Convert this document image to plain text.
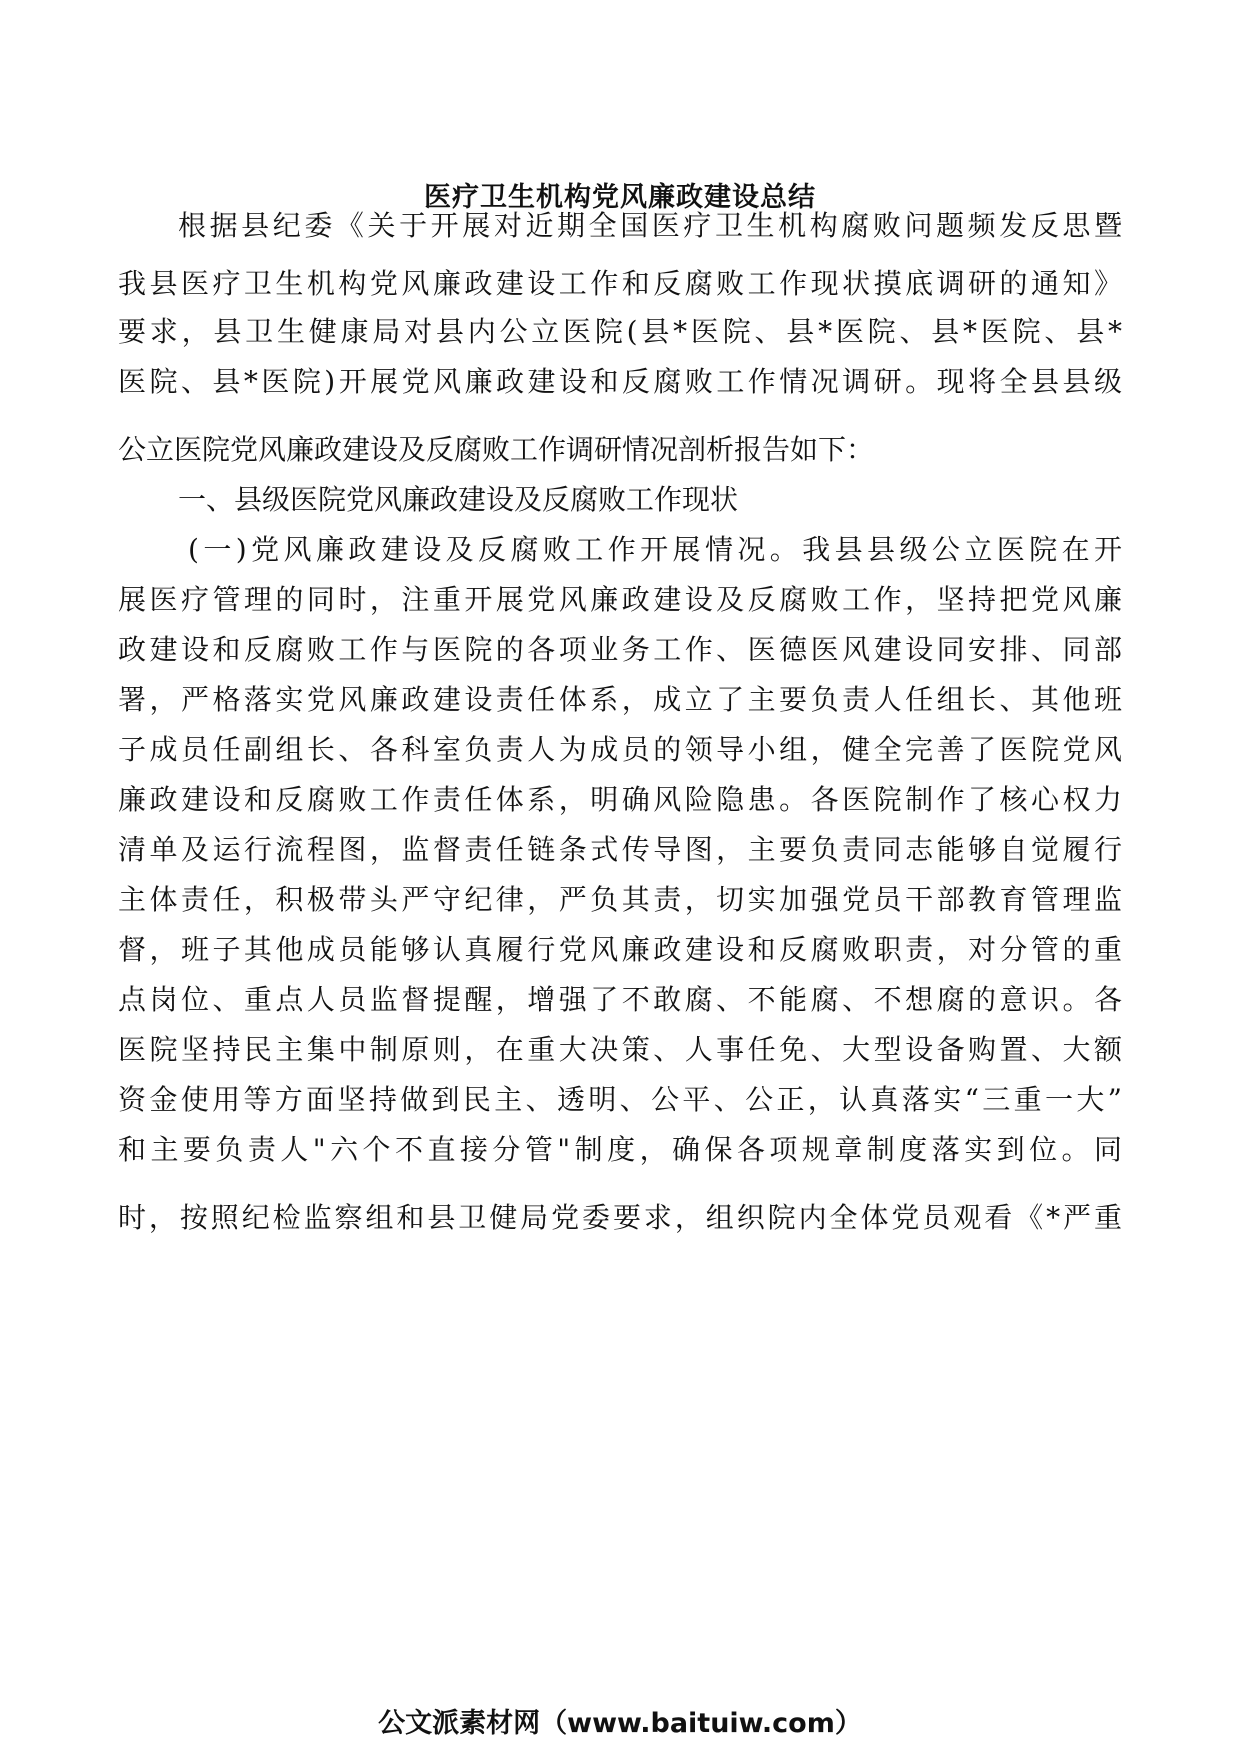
医疗卫生机构党风廉政建设总结
根据县纪委《关于开展对近期全国医疗卫生机构腐败问题频发反思暨
我县医疗卫生机构党风廉政建设工作和反腐败工作现状摸底调研的通知》
要求，县卫生健康局对县内公立医院(县*医院、县*医院、县*医院、县*
医院、县*医院)开展党风廉政建设和反腐败工作情况调研。现将全县县级
公立医院党风廉政建设及反腐败工作调研情况剖析报告如下：
一、县级医院党风廉政建设及反腐败工作现状
(一)党风廉政建设及反腐败工作开展情况。我县县级公立医院在开
展医疗管理的同时，注重开展党风廉政建设及反腐败工作，坚持把党风廉
政建设和反腐败工作与医院的各项业务工作、医德医风建设同安排、同部
署，严格落实党风廉政建设责任体系，成立了主要负责人任组长、其他班
子成员任副组长、各科室负责人为成员的领导小组，健全完善了医院党风
廉政建设和反腐败工作责任体系，明确风险隐患。各医院制作了核心权力
清单及运行流程图，监督责任链条式传导图，主要负责同志能够自觉履行
主体责任，积极带头严守纪律，严负其责，切实加强党员干部教育管理监
督，班子其他成员能够认真履行党风廉政建设和反腐败职责，对分管的重
点岗位、重点人员监督提醒，增强了不敢腐、不能腐、不想腐的意识。各
医院坚持民主集中制原则，在重大决策、人事任免、大型设备购置、大额
资金使用等方面坚持做到民主、透明、公平、公正，认真落实“三重一大”
和主要负责人"六个不直接分管"制度，确保各项规章制度落实到位。同
时，按照纪检监察组和县卫健局党委要求，组织院内全体党员观看《*严重
公文派素材网（www.baituiw.com）
